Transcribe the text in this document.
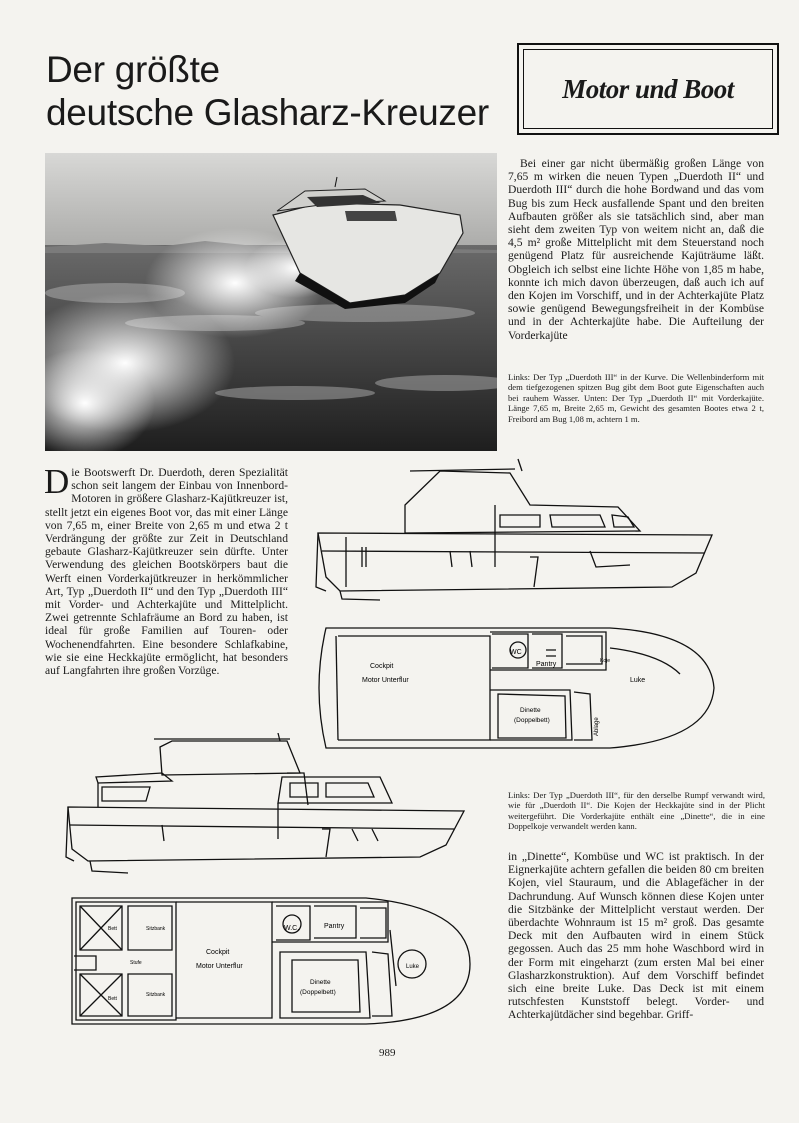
Der größte
deutsche Glasharz-Kreuzer
Motor und Boot

Bei einer gar nicht übermäßig großen Länge von 7,65 m wirken die neuen Typen „Duerdoth II“ und Duerdoth III“ durch die hohe Bordwand und das vom Bug bis zum Heck ausfallende Spant und den breiten Aufbauten größer als sie tatsächlich sind, aber man sieht dem zweiten Typ von weitem nicht an, daß die 4,5 m² große Mittelplicht mit dem Steuerstand noch genügend Platz für ausreichende Kajüträume läßt. Obgleich ich selbst eine lichte Höhe von 1,85 m habe, konnte ich mich davon überzeugen, daß auch ich auf den Kojen im Vorschiff, und in der Achterkajüte Platz sowie genügend Bewegungsfreiheit in der Kombüse und in der Achterkajüte habe. Die Aufteilung der Vorderkajüte

Links: Der Typ „Duerdoth III“ in der Kurve. Die Wellenbinderform mit dem tiefgezogenen spitzen Bug gibt dem Boot gute Eigenschaften auch bei rauhem Wasser. Unten: Der Typ „Duerdoth II“ mit Vorderkajüte. Länge 7,65 m, Breite 2,65 m, Gewicht des gesamten Bootes etwa 2 t, Freibord am Bug 1,08 m, achtern 1 m.

D ie Bootswerft Dr. Duerdoth, deren Spezialität schon seit langem der Einbau von Innenbord-Motoren in größere Glasharz-Kajütkreuzer ist, stellt jetzt ein eigenes Boot vor, das mit einer Länge von 7,65 m, einer Breite von 2,65 m und etwa 2 t Verdrängung der größte zur Zeit in Deutschland gebaute Glasharz-Kajütkreuzer sein dürfte. Unter Verwendung des gleichen Bootskörpers baut die Werft einen Vorderkajütkreuzer in herkömmlicher Art, Typ „Duerdoth II“ und den Typ „Duerdoth III“ mit Vorder- und Achterkajüte und Mittelplicht. Zwei getrennte Schlafräume an Bord zu haben, ist ideal für große Familien auf Touren- oder Wochenendfahrten. Eine besondere Schlafkabine, wie sie eine Heckkajüte ermöglicht, hat besonders auf Langfahrten ihre großen Vorzüge.	Cockpit
Motor Unterflur
WC
Pantry
Luke
Dinette
(Doppelbett)
Koje
Ablage

Links: Der Typ „Duerdoth III“, für den derselbe Rumpf verwandt wird, wie für „Duerdoth II“. Die Kojen der Heckkajüte sind in der Plicht weitergeführt. Die Vorderkajüte enthält eine „Dinette“, die in eine Doppelkoje verwandelt werden kann.

in „Dinette“, Kombüse und WC ist praktisch. In der Eignerkajüte achtern gefallen die beiden 80 cm breiten Kojen, viel Stauraum, und die Ablagefächer in der Dachrundung. Auf Wunsch können diese Kojen unter die Sitzbänke der Mittelplicht verstaut werden. Der überdachte Wohnraum ist 15 m² groß. Das gesamte Deck mit den Aufbauten wird in einem Stück gegossen. Auch das 25 mm hohe Waschbord wird in der Form mit eingeharzt (zum ersten Mal bei einer Glasharzkonstruktion). Auf dem Vorschiff befindet sich eine breite Luke. Das Deck ist mit einem rutschfesten Kunststoff belegt. Vorder- und Achterkajütdächer sind begehbar. Griff-

Cockpit
Motor Unterflur
W.C.	Pantry
Luke
Dinette
(Doppelbett)
Bett
Bett
Sitzbank
Sitzbank
Stufe
989
